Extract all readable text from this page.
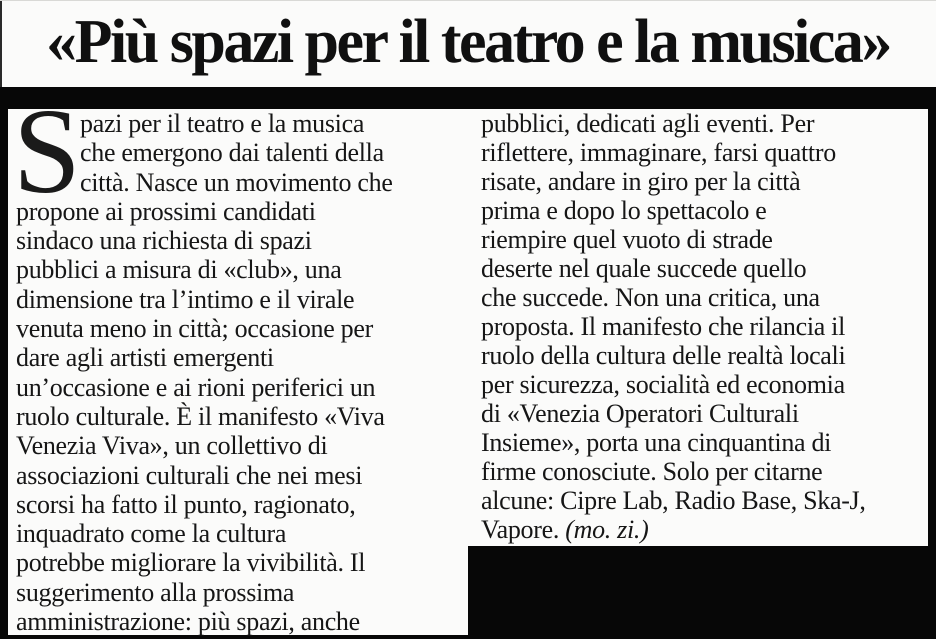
«Più spazi per il teatro e la musica»
S pazi per il teatro e la musica
che emergono dai talenti della
città. Nasce un movimento che
propone ai prossimi candidati
sindaco una richiesta di spazi
pubblici a misura di «club», una
dimensione tra l’intimo e il virale
venuta meno in città; occasione per
dare agli artisti emergenti
un’occasione e ai rioni periferici un
ruolo culturale. È il manifesto «Viva
Venezia Viva», un collettivo di
associazioni culturali che nei mesi
scorsi ha fatto il punto, ragionato,
inquadrato come la cultura
potrebbe migliorare la vivibilità. Il
suggerimento alla prossima
amministrazione: più spazi, anche
pubblici, dedicati agli eventi. Per
riflettere, immaginare, farsi quattro
risate, andare in giro per la città
prima e dopo lo spettacolo e
riempire quel vuoto di strade
deserte nel quale succede quello
che succede. Non una critica, una
proposta. Il manifesto che rilancia il
ruolo della cultura delle realtà locali
per sicurezza, socialità ed economia
di «Venezia Operatori Culturali
Insieme», porta una cinquantina di
firme conosciute. Solo per citarne
alcune: Cipre Lab, Radio Base, Ska-J,
Vapore. (mo. zi.)
